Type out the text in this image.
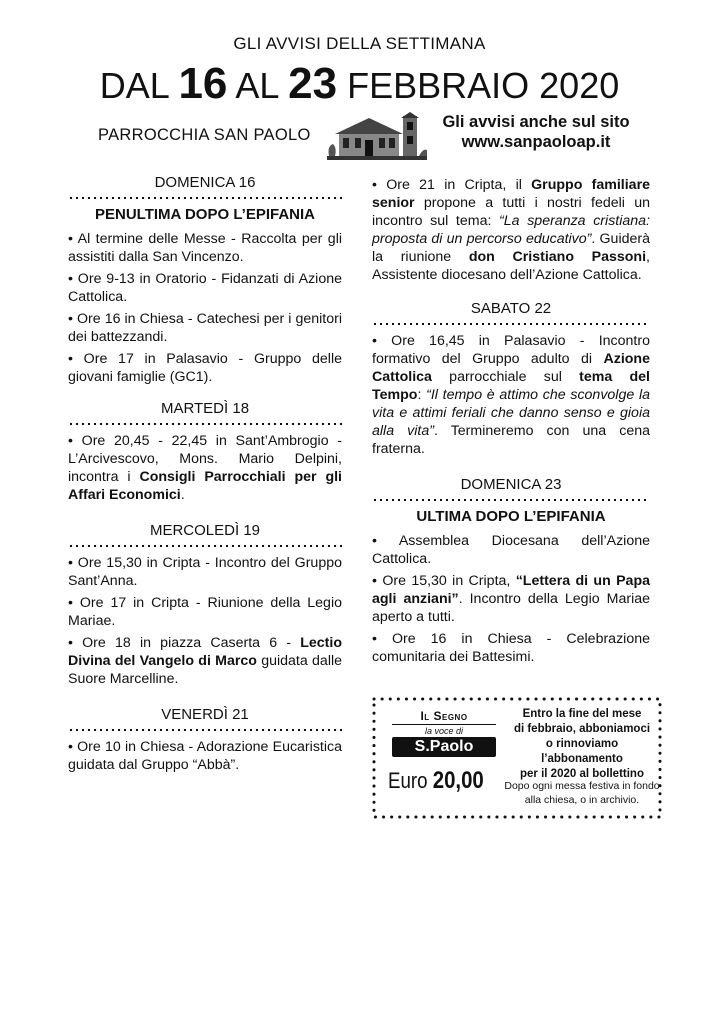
GLI AVVISI DELLA SETTIMANA
DAL 16 AL 23 FEBBRAIO 2020
PARROCCHIA SAN PAOLO
Gli avvisi anche sul sito
www.sanpaoloap.it
DOMENICA 16
PENULTIMA DOPO L’EPIFANIA
• Al termine delle Messe - Raccolta per gli assistiti dalla San Vincenzo.
• Ore 9-13 in Oratorio - Fidanzati di Azione Cattolica.
• Ore 16 in Chiesa - Catechesi per i genitori dei battezzandi.
• Ore 17 in Palasavio - Gruppo delle giovani famiglie (GC1).
MARTEDÌ 18
• Ore 20,45 - 22,45 in Sant’Ambrogio - L’Arcivescovo, Mons. Mario Delpini, incontra i Consigli Parrocchiali per gli Affari Economici.
MERCOLEDÌ 19
• Ore 15,30 in Cripta - Incontro del Gruppo Sant’Anna.
• Ore 17 in Cripta - Riunione della Legio Mariae.
• Ore 18 in piazza Caserta 6 - Lectio Divina del Vangelo di Marco guidata dalle Suore Marcelline.
VENERDÌ 21
• Ore 10 in Chiesa - Adorazione Eucaristica guidata dal Gruppo “Abbà”.
• Ore 21 in Cripta, il Gruppo familiare senior propone a tutti i nostri fedeli un incontro sul tema: “La speranza cristiana: proposta di un percorso educativo”. Guiderà la riunione don Cristiano Passoni, Assistente diocesano dell’Azione Cattolica.
SABATO 22
• Ore 16,45 in Palasavio - Incontro formativo del Gruppo adulto di Azione Cattolica parrocchiale sul tema del Tempo: “Il tempo è attimo che sconvolge la vita e attimi feriali che danno senso e gioia alla vita”. Termineremo con una cena fraterna.
DOMENICA 23
ULTIMA DOPO L’EPIFANIA
• Assemblea Diocesana dell’Azione Cattolica.
• Ore 15,30 in Cripta, “Lettera di un Papa agli anziani”. Incontro della Legio Mariae aperto a tutti.
• Ore 16 in Chiesa - Celebrazione comunitaria dei Battesimi.
Il Segno
la voce di
S.Paolo
Euro 20,00
Entro la fine del mese
di febbraio, abboniamoci
o rinnoviamo l’abbonamento
per il 2020 al bollettino
Dopo ogni messa festiva in fondo
alla chiesa, o in archivio.
